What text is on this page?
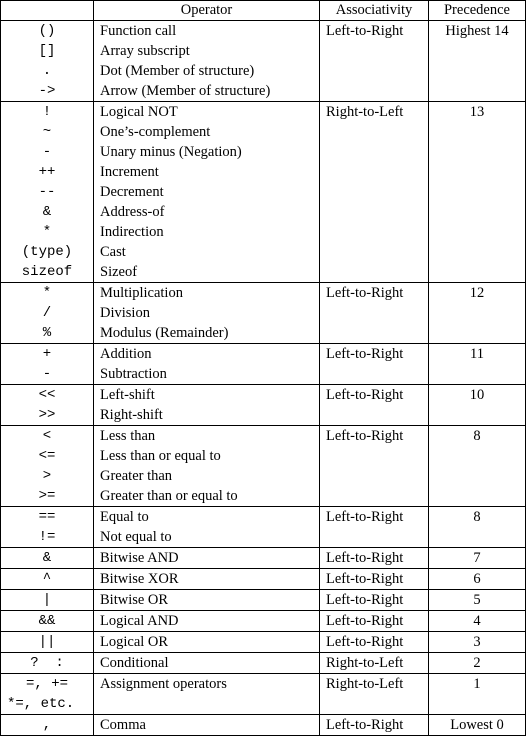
	Operator	Associativity	Precedence
()	Function call	Left-to-Right	Highest 14
[]	Array subscript		
.	Dot (Member of structure)		
->	Arrow (Member of structure)		
!	Logical NOT	Right-to-Left	13
~	One’s-complement		
-	Unary minus (Negation)		
++	Increment		
--	Decrement		
&	Address-of		
*	Indirection		
(type)	Cast		
sizeof	Sizeof		
*	Multiplication	Left-to-Right	12
/	Division		
%	Modulus (Remainder)		
+	Addition	Left-to-Right	11
-	Subtraction		
<<	Left-shift	Left-to-Right	10
>>	Right-shift		
<	Less than	Left-to-Right	8
<=	Less than or equal to		
>	Greater than		
>=	Greater than or equal to		
==	Equal to	Left-to-Right	8
!=	Not equal to		
&	Bitwise AND	Left-to-Right	7
^	Bitwise XOR	Left-to-Right	6
|	Bitwise OR	Left-to-Right	5
&&	Logical AND	Left-to-Right	4
||	Logical OR	Left-to-Right	3
?  :	Conditional	Right-to-Left	2
=, +=	Assignment operators	Right-to-Left	1
*=, etc.			
,	Comma	Left-to-Right	Lowest 0
